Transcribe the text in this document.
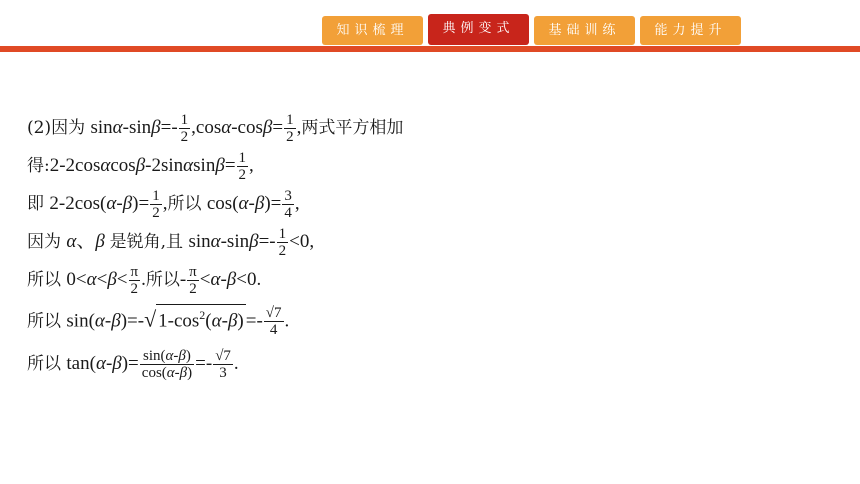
知识梳理	典例变式	基础训练	能力提升
(2)因为 $\sin\alpha-\sin\beta=- \frac{1}{2} ,\cos\alpha-\cos\beta= \frac{1}{2}$ ,两式平方相加
得:2-2cosαcosβ-2sinαsinβ= $\frac{1}{2}$ ,
即 $2-2\cos(\alpha-\beta)= \frac{1}{2}$ ,所以 $\cos(\alpha-\beta)= \frac{3}{4}$ ,
因为 α、β 是锐角,且 $\sin\alpha-\sin\beta=- \frac{1}{2} <0$,
所以 $0<\alpha<\beta< \frac{\pi}{2}$ .所以- $\frac{\pi}{2} <\alpha-\beta<0$.
所以 sin(α-β)=-√ $1-\cos^2(\alpha-\beta) =- \frac{√7}{4}$ .
所以 $\tan(\alpha-\beta)= \frac{\sin(\alpha-\beta)}{\cos(\alpha-\beta)} =- \frac{√7}{3}$ .
